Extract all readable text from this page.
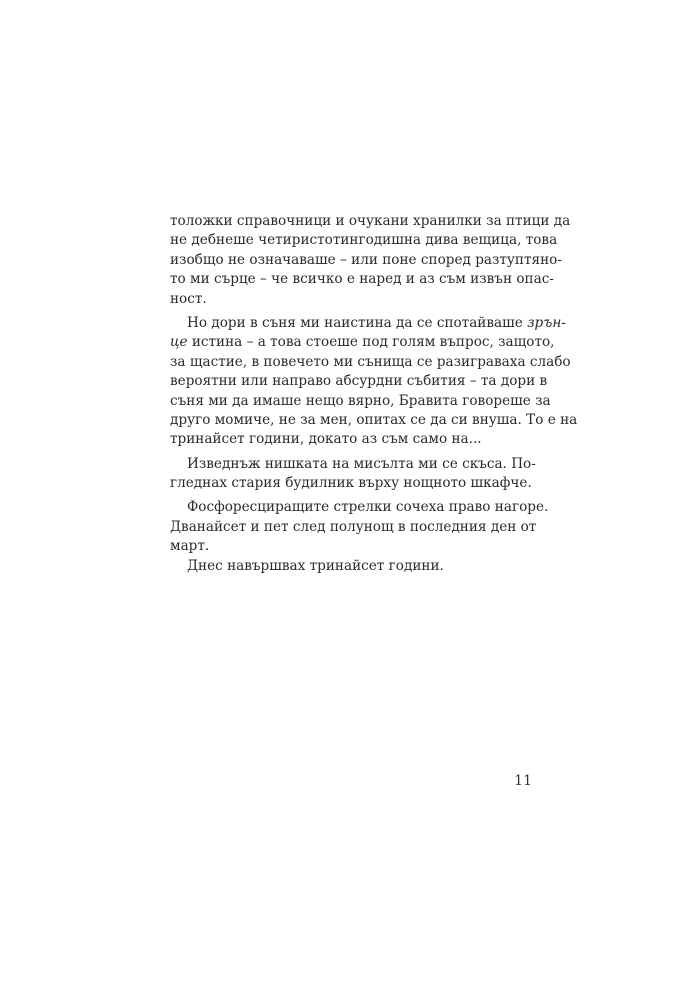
толожки справочници и очукани хранилки за птици да
не дебнеше четиристотингодишна дива вещица, това
изобщо не означаваше – или поне според разтуптяно-
то ми сърце – че всичко е наред и аз съм извън опас-
ност.
Но дори в съня ми наистина да се спотайваше зрън-
це истина – а това стоеше под голям въпрос, защото,
за щастие, в повечето ми сънища се разиграваха слабо
вероятни или направо абсурдни събития – та дори в
съня ми да имаше нещо вярно, Бравита говореше за
друго момиче, не за мен, опитах се да си внуша. То е на
тринайсет години, докато аз съм само на...
Изведнъж нишката на мисълта ми се скъса. По-
гледнах стария будилник върху нощното шкафче.
Фосфоресциращите стрелки сочеха право нагоре.
Дванайсет и пет след полунощ в последния ден от
март.
Днес навършвах тринайсет години.
11
